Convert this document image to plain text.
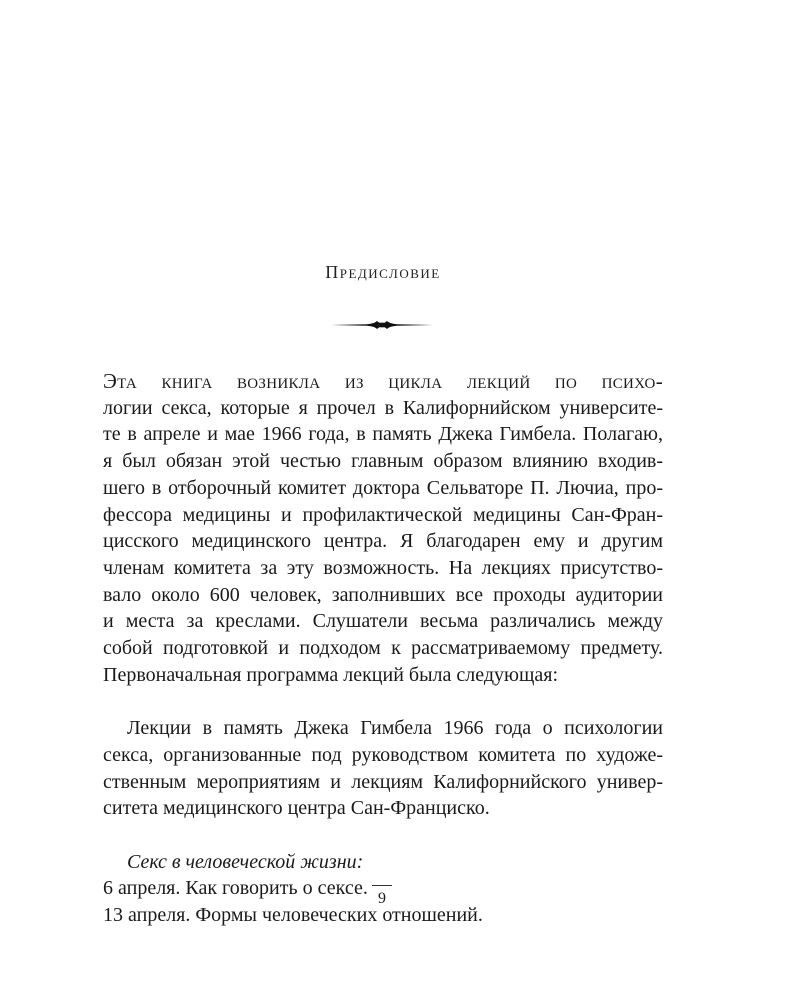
Предисловие
Эта книга возникла из цикла лекций по психо-
логии секса, которые я прочел в Калифорнийском университе-
те в апреле и мае 1966 года, в память Джека Гимбела. Полагаю,
я был обязан этой честью главным образом влиянию входив-
шего в отборочный комитет доктора Сельваторе П. Лючиа, про-
фессора медицины и профилактической медицины Сан-Фран-
цисского медицинского центра. Я благодарен ему и другим
членам комитета за эту возможность. На лекциях присутство-
вало около 600 человек, заполнивших все проходы аудитории
и места за креслами. Слушатели весьма различались между
собой подготовкой и подходом к рассматриваемому предмету.
Первоначальная программа лекций была следующая:
Лекции в память Джека Гимбела 1966 года о психологии
секса, организованные под руководством комитета по художе-
ственным мероприятиям и лекциям Калифорнийского универ-
ситета медицинского центра Сан-Франциско.
Секс в человеческой жизни:
6 апреля. Как говорить о сексе.
13 апреля. Формы человеческих отношений.
9
